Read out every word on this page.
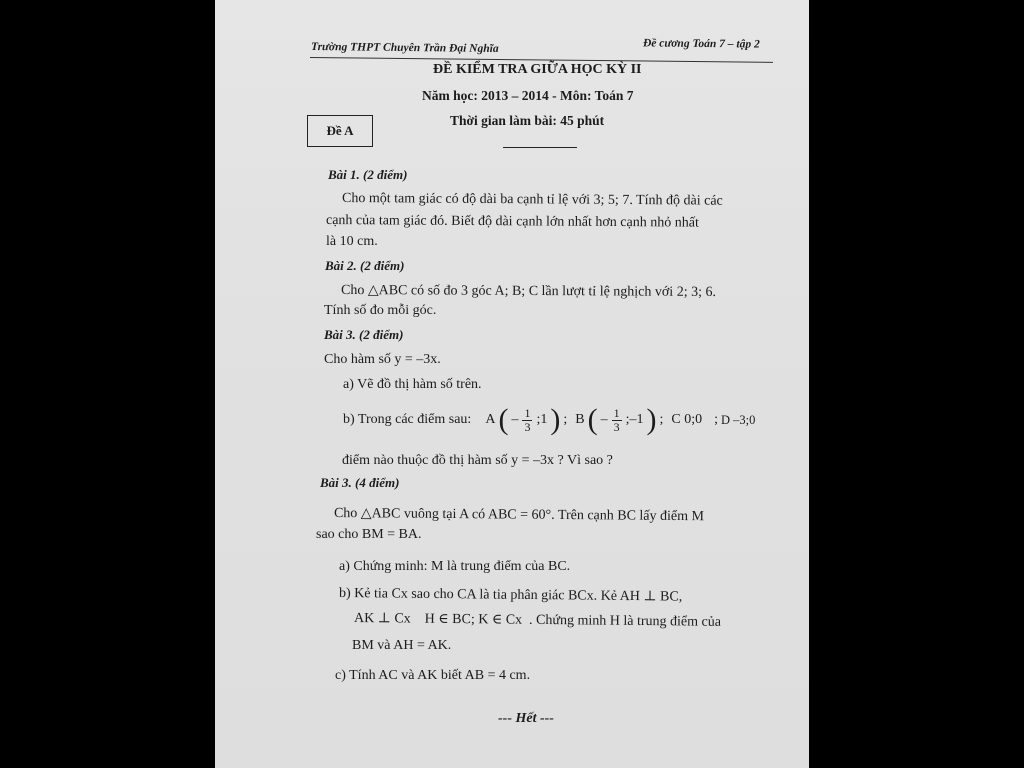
Trường THPT Chuyên Trần Đại Nghĩa	Đề cương Toán 7 – tập 2
ĐỀ KIỂM TRA GIỮA HỌC KỲ II
Năm học: 2013 – 2014 - Môn: Toán 7
Đề A
Thời gian làm bài: 45 phút
Bài 1. (2 điểm)
Cho một tam giác có độ dài ba cạnh tỉ lệ với 3; 5; 7. Tính độ dài các
cạnh của tam giác đó. Biết độ dài cạnh lớn nhất hơn cạnh nhỏ nhất
là 10 cm.
Bài 2. (2 điểm)
Cho △ABC có số đo 3 góc A; B; C lần lượt tỉ lệ nghịch với 2; 3; 6.
Tính số đo mỗi góc.
Bài 3. (2 điểm)
Cho hàm số y = –3x.
a) Vẽ đồ thị hàm số trên.
b) Trong các điểm sau: A ( – $\frac{1}{3}$ ;1 ) ; B ( – $\frac{1}{3}$ ;–1 ) ; C 0;0 ; D –3;0
điểm nào thuộc đồ thị hàm số y = –3x ? Vì sao ?
Bài 3. (4 điểm)
Cho △ABC vuông tại A có ABC = 60°. Trên cạnh BC lấy điểm M
sao cho BM = BA.
a) Chứng minh: M là trung điểm của BC.
b) Kẻ tia Cx sao cho CA là tia phân giác BCx. Kẻ AH ⊥ BC,
AK ⊥ Cx    H ∈ BC; K ∈ Cx  . Chứng minh H là trung điểm của
BM và AH = AK.
c) Tính AC và AK biết AB = 4 cm.
--- Hết ---
